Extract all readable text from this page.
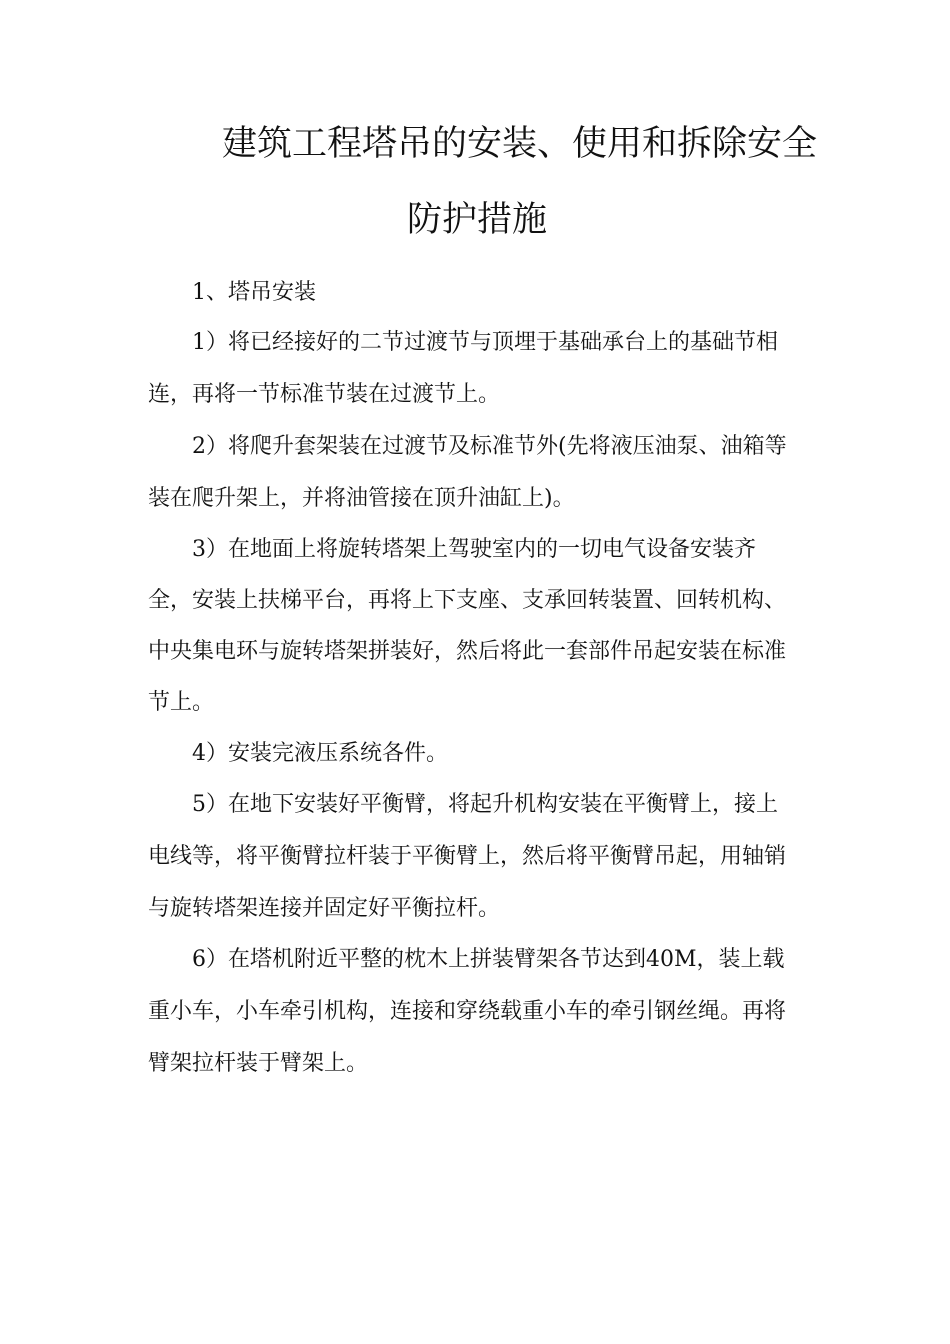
建筑工程塔吊的安装、使用和拆除安全
防护措施
1、塔吊安装
1）将已经接好的二节过渡节与顶埋于基础承台上的基础节相
连，再将一节标准节装在过渡节上。
2）将爬升套架装在过渡节及标准节外(先将液压油泵、油箱等
装在爬升架上，并将油管接在顶升油缸上)。
3）在地面上将旋转塔架上驾驶室内的一切电气设备安装齐
全，安装上扶梯平台，再将上下支座、支承回转装置、回转机构、
中央集电环与旋转塔架拼装好，然后将此一套部件吊起安装在标准
节上。
4）安装完液压系统各件。
5）在地下安装好平衡臂，将起升机构安装在平衡臂上，接上
电线等，将平衡臂拉杆装于平衡臂上，然后将平衡臂吊起，用轴销
与旋转塔架连接并固定好平衡拉杆。
6）在塔机附近平整的枕木上拼装臂架各节达到40M，装上载
重小车，小车牵引机构，连接和穿绕载重小车的牵引钢丝绳。再将
臂架拉杆装于臂架上。
